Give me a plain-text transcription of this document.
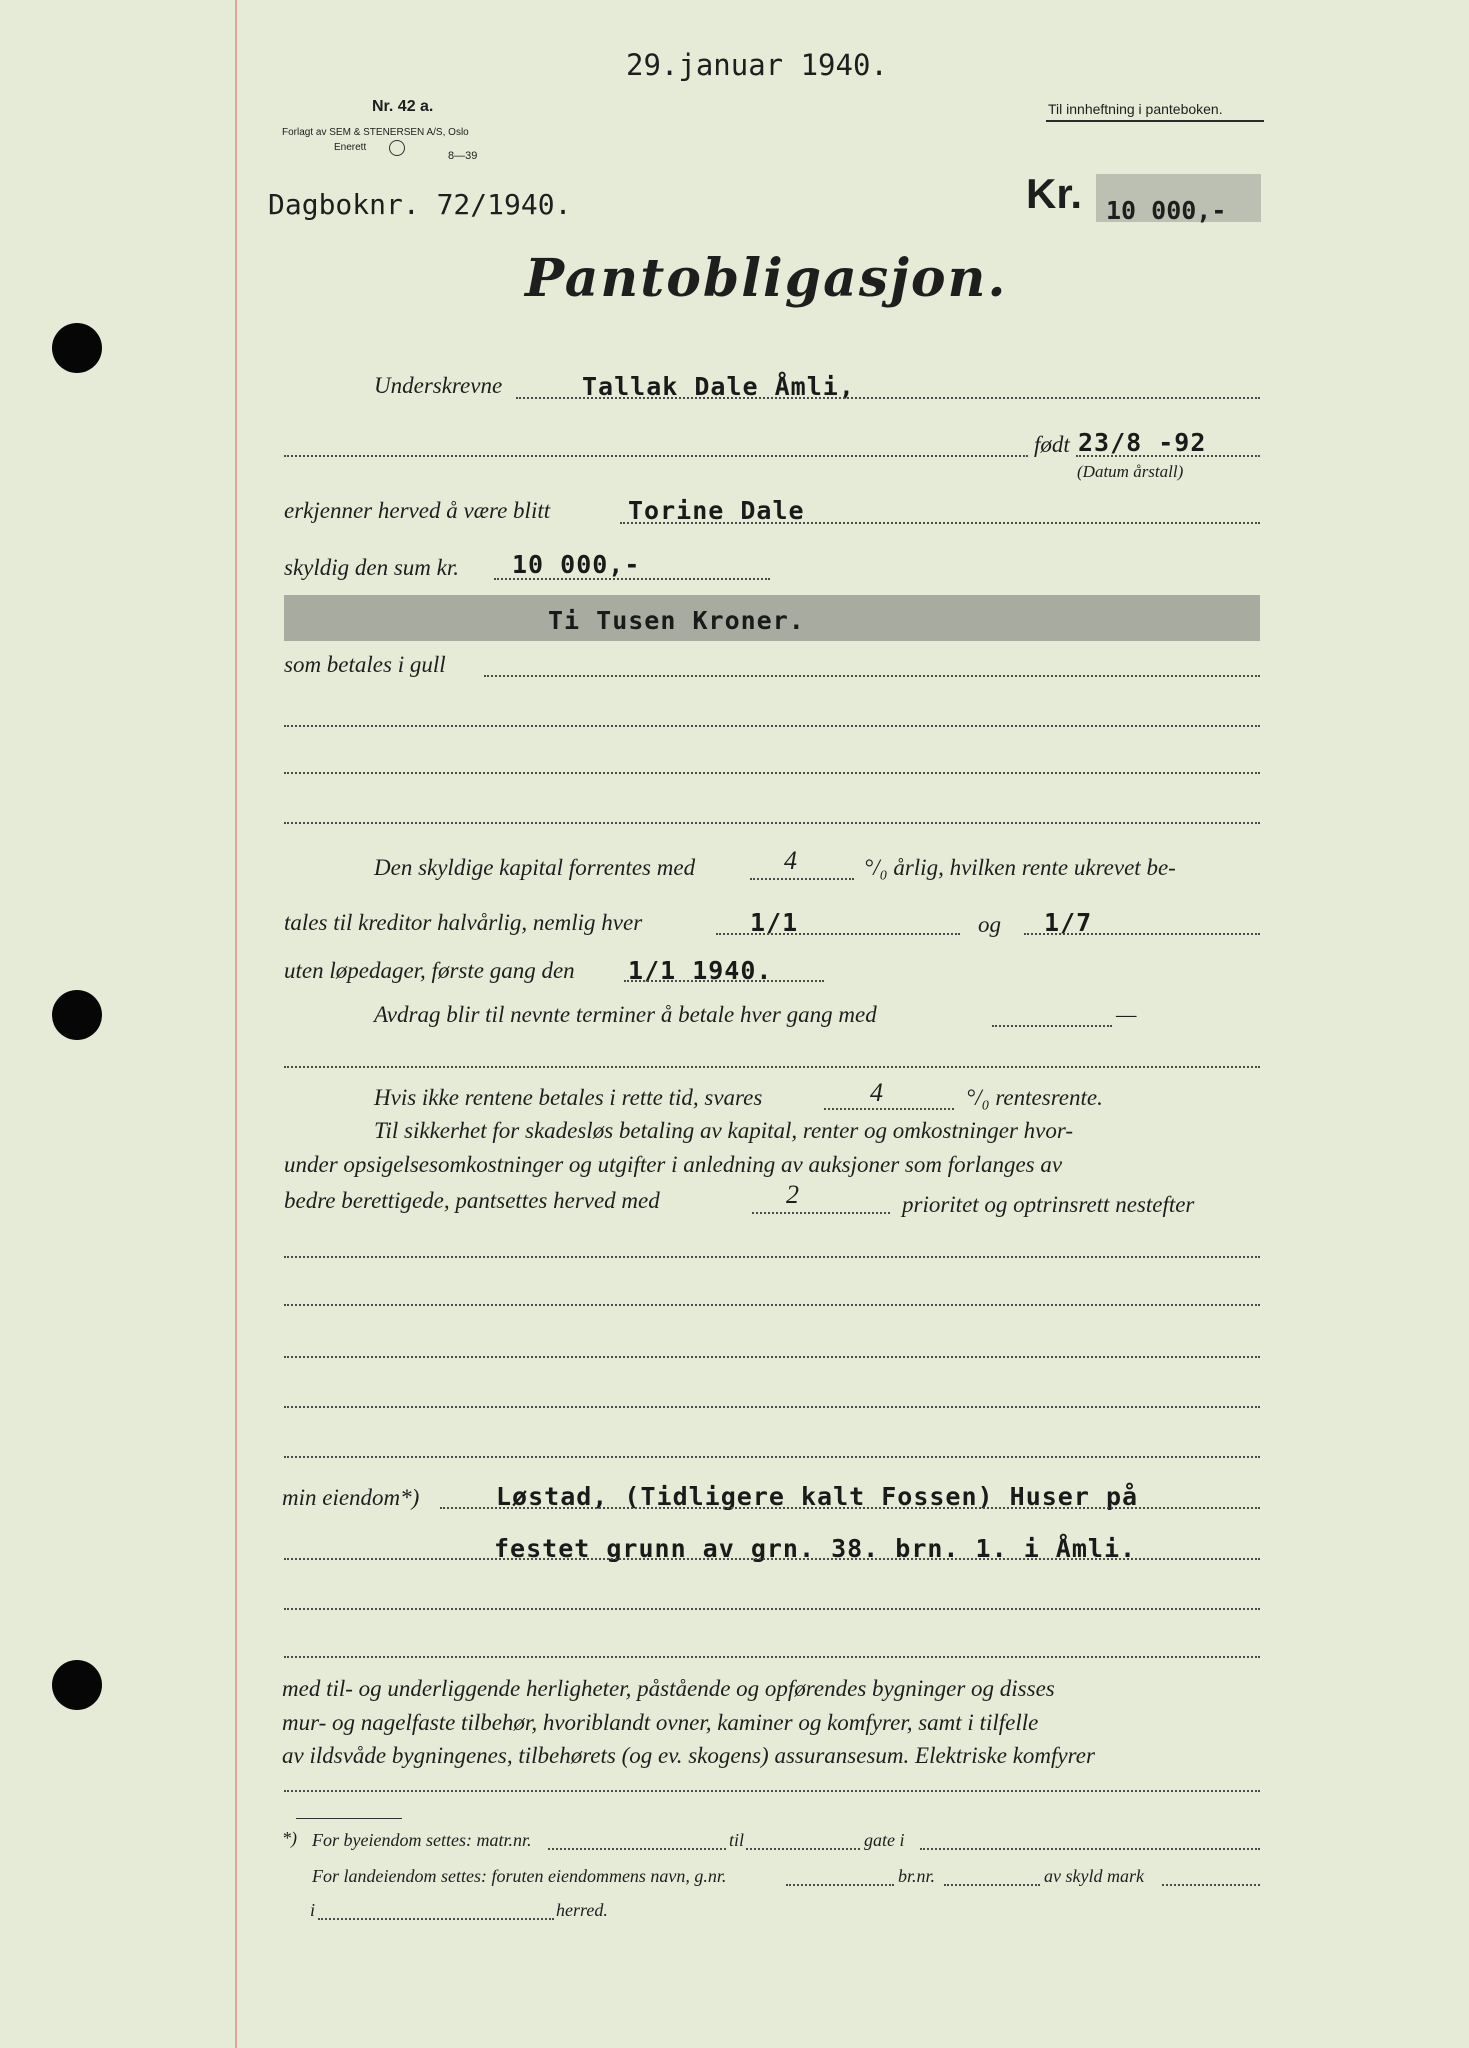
29.januar 1940.
Nr. 42 a.
Forlagt av SEM & STENERSEN A/S, Oslo
Enerett
8—39
Til innheftning i panteboken.
Dagboknr. 72/1940.	Kr. 10 000,-
Pantobligasjon.
Underskrevne	Tallak Dale Åmli,
født 23/8 -92
(Datum årstall)
erkjenner herved å være blitt	Torine Dale
skyldig den sum kr. 10 000,-
Ti Tusen Kroner.
som betales i gull
Den skyldige kapital forrentes med	4	°/₀ årlig, hvilken rente ukrevet be-
tales til kreditor halvårlig, nemlig hver	1/1	og 1/7
uten løpedager, første gang den 1/1 1940.
Avdrag blir til nevnte terminer å betale hver gang med	—
Hvis ikke rentene betales i rette tid, svares	4	°/₀ rentesrente.
Til sikkerhet for skadesløs betaling av kapital, renter og omkostninger hvor-
under opsigelsesomkostninger og utgifter i anledning av auksjoner som forlanges av
bedre berettigede, pantsettes herved med	2	prioritet og optrinsrett nestefter
min eiendom*)	Løstad, (Tidligere kalt Fossen) Huser på
festet grunn av grn. 38. brn. 1. i Åmli.
med til- og underliggende herligheter, påstående og opførendes bygninger og disses
mur- og nagelfaste tilbehør, hvoriblandt ovner, kaminer og komfyrer, samt i tilfelle
av ildsvåde bygningenes, tilbehørets (og ev. skogens) assuransesum. Elektriske komfyrer
*) For byeiendom settes: matr.nr.	til	gate i
For landeiendom settes: foruten eiendommens navn, g.nr.	br.nr.	av skyld mark
i	herred.
